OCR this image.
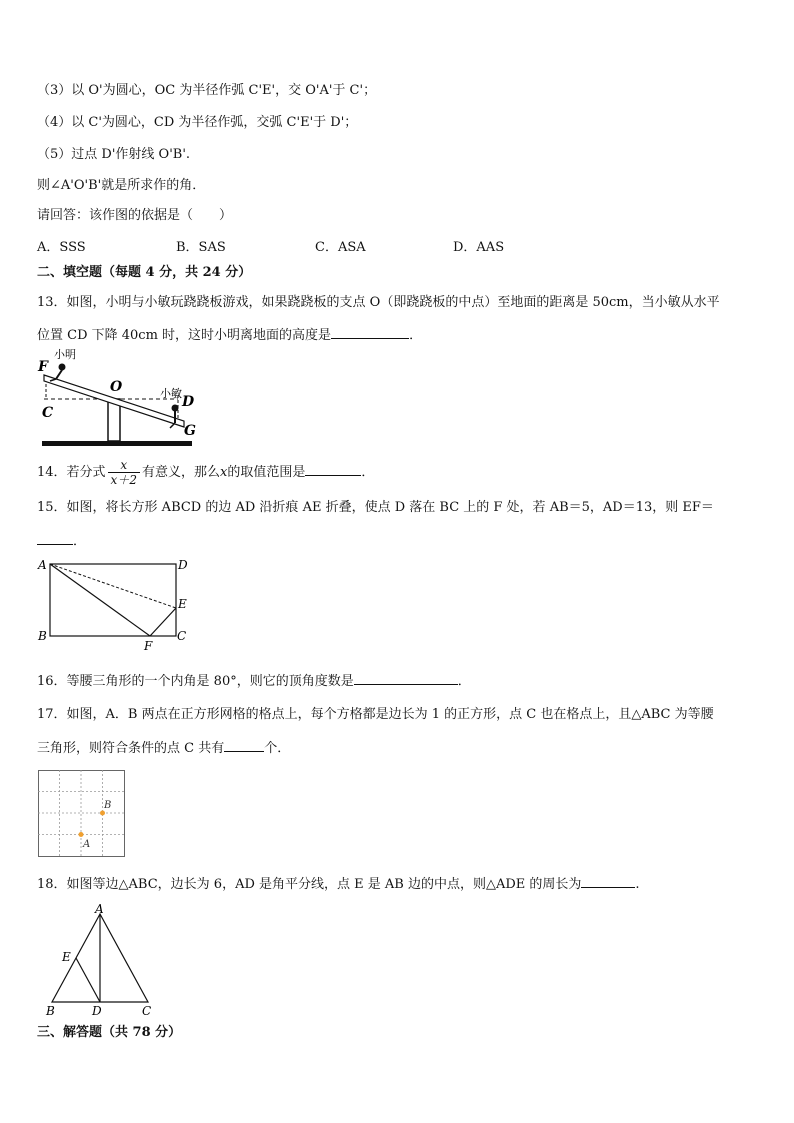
（3）以 O'为圆心，OC 为半径作弧 C'E'，交 O'A'于 C'；
（4）以 C'为圆心，CD 为半径作弧，交弧 C'E'于 D'；
（5）过点 D'作射线 O'B'.
则∠A'O'B'就是所求作的角．
请回答：该作图的依据是（　　）
A．SSS	B．SAS	C．ASA	D．AAS
二、填空题（每题 4 分，共 24 分）
13．如图，小明与小敏玩跷跷板游戏，如果跷跷板的支点 O（即跷跷板的中点）至地面的距离是 50cm，当小敏从水平
位置 CD 下降 40cm 时，这时小明离地面的高度是	．
小明
F
O	小敏
D
C
G
14．若分式 $\frac{x}{x+2}$ 有意义，那么x的取值范围是	．
15．如图，将长方形 ABCD 的边 AD 沿折痕 AE 折叠，使点 D 落在 BC 上的 F 处，若 AB＝5，AD＝13，则 EF＝
．
A	D
E
B	C
F
16．等腰三角形的一个内角是 80°，则它的顶角度数是	．
17．如图，A．B 两点在正方形网格的格点上，每个方格都是边长为 1 的正方形，点 C 也在格点上，且△ABC 为等腰
三角形，则符合条件的点 C 共有	个．
A
B
18．如图等边△ABC，边长为 6，AD 是角平分线，点 E 是 AB 边的中点，则△ADE 的周长为	.
A
E
B	D	C
三、解答题（共 78 分）
